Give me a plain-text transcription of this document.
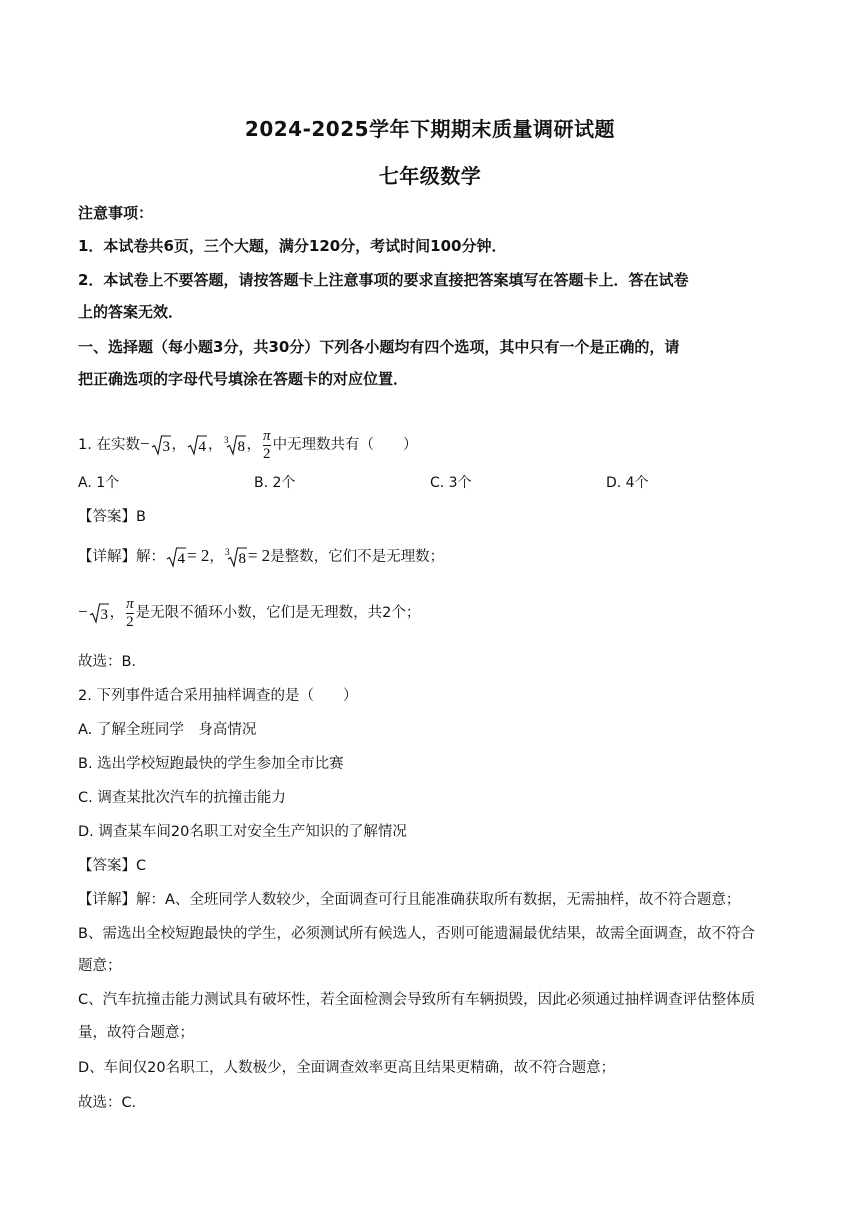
2024-2025学年下期期末质量调研试题
七年级数学
注意事项：
1．本试卷共6页，三个大题，满分120分，考试时间100分钟．
2．本试卷上不要答题，请按答题卡上注意事项的要求直接把答案填写在答题卡上．答在试卷
上的答案无效．
一、选择题（每小题3分，共30分）下列各小题均有四个选项，其中只有一个是正确的，请
把正确选项的字母代号填涂在答题卡的对应位置．
1. 在实数− 3 ， 4 ， 3 8 ， $\frac{\pi}{2}$ 中无理数共有（　　）
A. 1个	B. 2个	C. 3个	D. 4个
【答案】B
【详解】解： 4 = 2， 3 8 = 2是整数，它们不是无理数；
− 3 ， $\frac{\pi}{2}$ 是无限不循环小数，它们是无理数，共2个；
故选：B．
2. 下列事件适合采用抽样调查的是（　　）
A. 了解全班同学　身高情况
B. 选出学校短跑最快的学生参加全市比赛
C. 调查某批次汽车的抗撞击能力
D. 调查某车间20名职工对安全生产知识的了解情况
【答案】C
【详解】解：A、全班同学人数较少，全面调查可行且能准确获取所有数据，无需抽样，故不符合题意；
B、需选出全校短跑最快的学生，必须测试所有候选人，否则可能遗漏最优结果，故需全面调查，故不符合
题意；
C、汽车抗撞击能力测试具有破坏性，若全面检测会导致所有车辆损毁，因此必须通过抽样调查评估整体质
量，故符合题意；
D、车间仅20名职工，人数极少，全面调查效率更高且结果更精确，故不符合题意；
故选：C．
